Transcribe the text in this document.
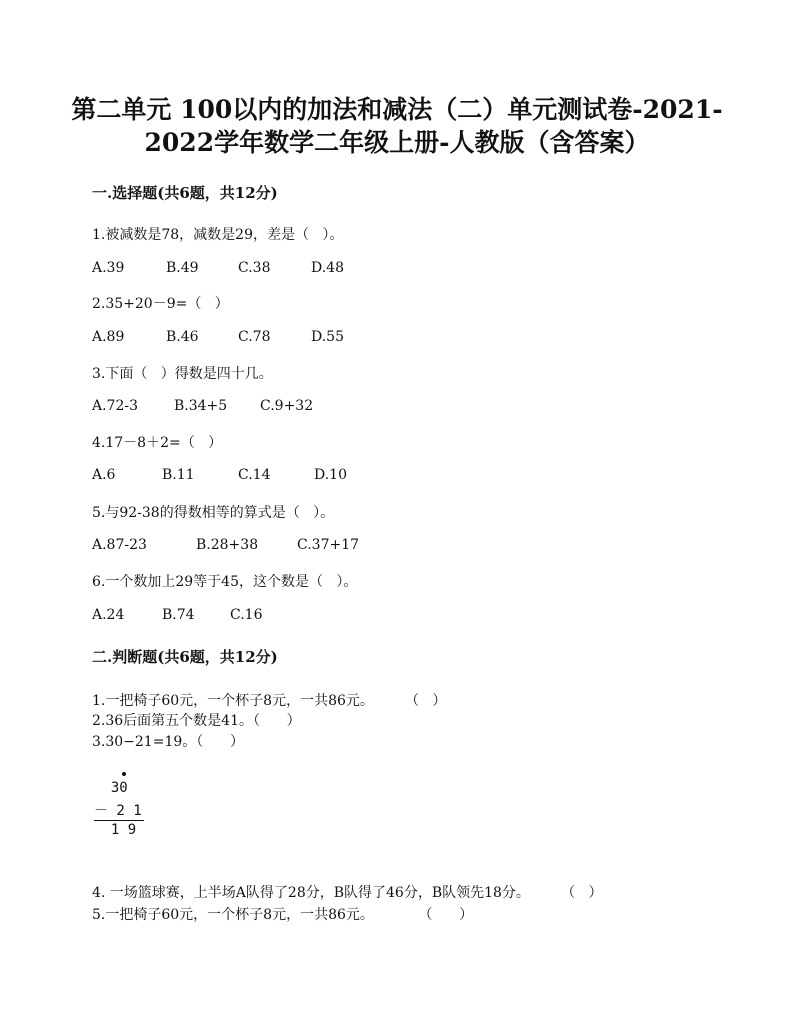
第二单元 100以内的加法和减法（二）单元测试卷-2021-
2022学年数学二年级上册-人教版（含答案）
一.选择题(共6题，共12分)
1.被减数是78，减数是29，差是（   ）。
A.39	B.49	C.38	D.48
2.35+20－9=（   ）
A.89	B.46	C.78	D.55
3.下面（   ）得数是四十几。
A.72-3	B.34+5 C.9+32
4.17－8＋2=（   ）
A.6	B.11	C.14	D.10
5.与92-38的得数相等的算式是（   ）。
A.87-23	B.28+38	C.37+17
6.一个数加上29等于45，这个数是（   ）。
A.24	B.74	C.16
二.判断题(共6题，共12分)
1.一把椅子60元，一个杯子8元，一共86元。       （   ）
2.36后面第五个数是41。（      ）
3.30−21=19。（      ）
30
－ 2 1
1 9
4. 一场篮球赛，上半场A队得了28分，B队得了46分，B队领先18分。       （   ）
5.一把椅子60元，一个杯子8元，一共86元。          （      ）
